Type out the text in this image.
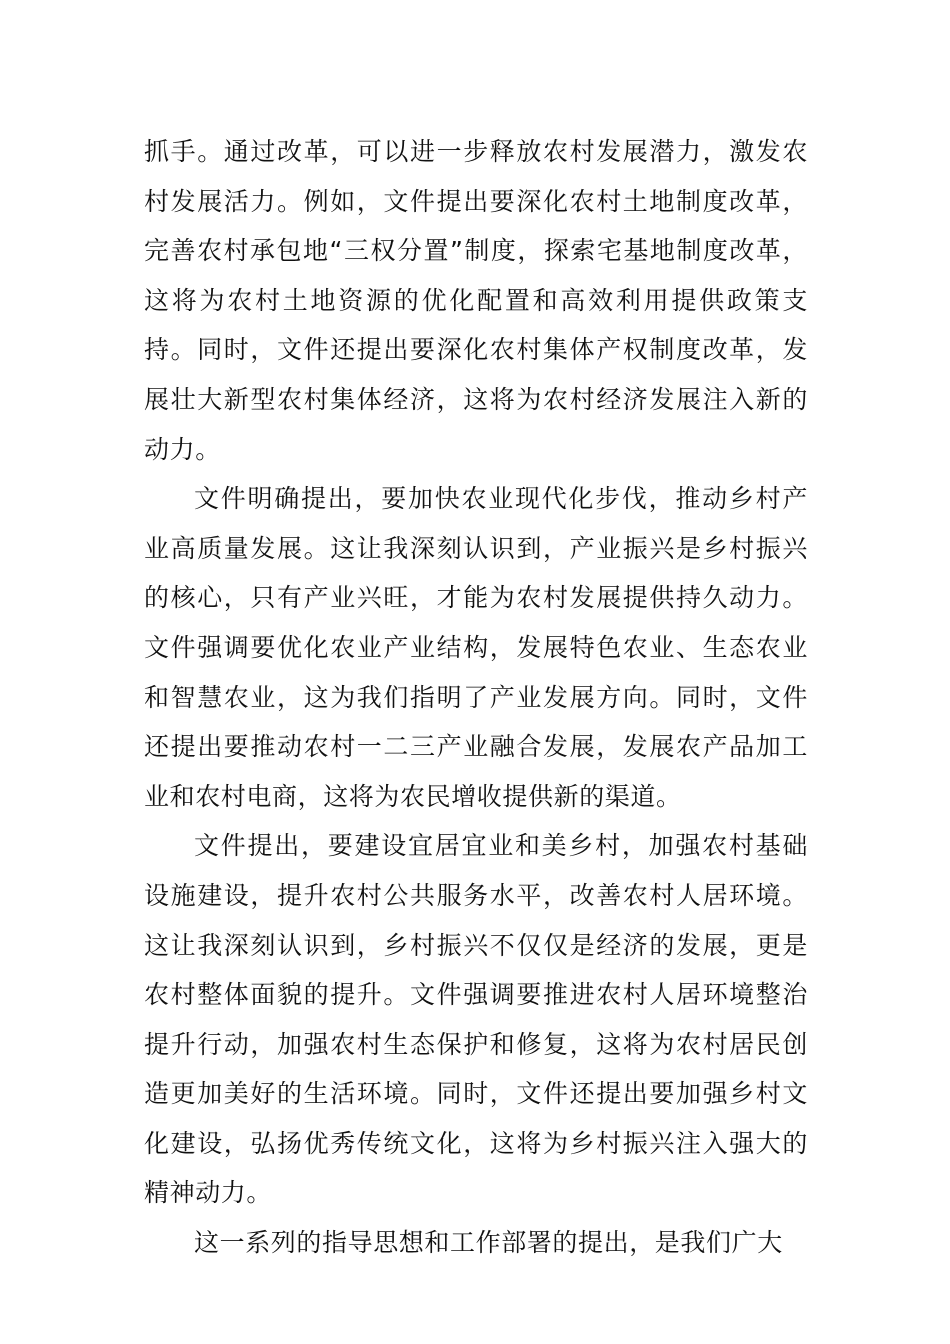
抓手。通过改革，可以进一步释放农村发展潜力，激发农村发展活力。例如，文件提出要深化农村土地制度改革，完善农村承包地“三权分置”制度，探索宅基地制度改革，这将为农村土地资源的优化配置和高效利用提供政策支持。同时，文件还提出要深化农村集体产权制度改革，发展壮大新型农村集体经济，这将为农村经济发展注入新的动力。

文件明确提出，要加快农业现代化步伐，推动乡村产业高质量发展。这让我深刻认识到，产业振兴是乡村振兴的核心，只有产业兴旺，才能为农村发展提供持久动力。文件强调要优化农业产业结构，发展特色农业、生态农业和智慧农业，这为我们指明了产业发展方向。同时，文件还提出要推动农村一二三产业融合发展，发展农产品加工业和农村电商，这将为农民增收提供新的渠道。

文件提出，要建设宜居宜业和美乡村，加强农村基础设施建设，提升农村公共服务水平，改善农村人居环境。这让我深刻认识到，乡村振兴不仅仅是经济的发展，更是农村整体面貌的提升。文件强调要推进农村人居环境整治提升行动，加强农村生态保护和修复，这将为农村居民创造更加美好的生活环境。同时，文件还提出要加强乡村文化建设，弘扬优秀传统文化，这将为乡村振兴注入强大的精神动力。

这一系列的指导思想和工作部署的提出，是我们广大
